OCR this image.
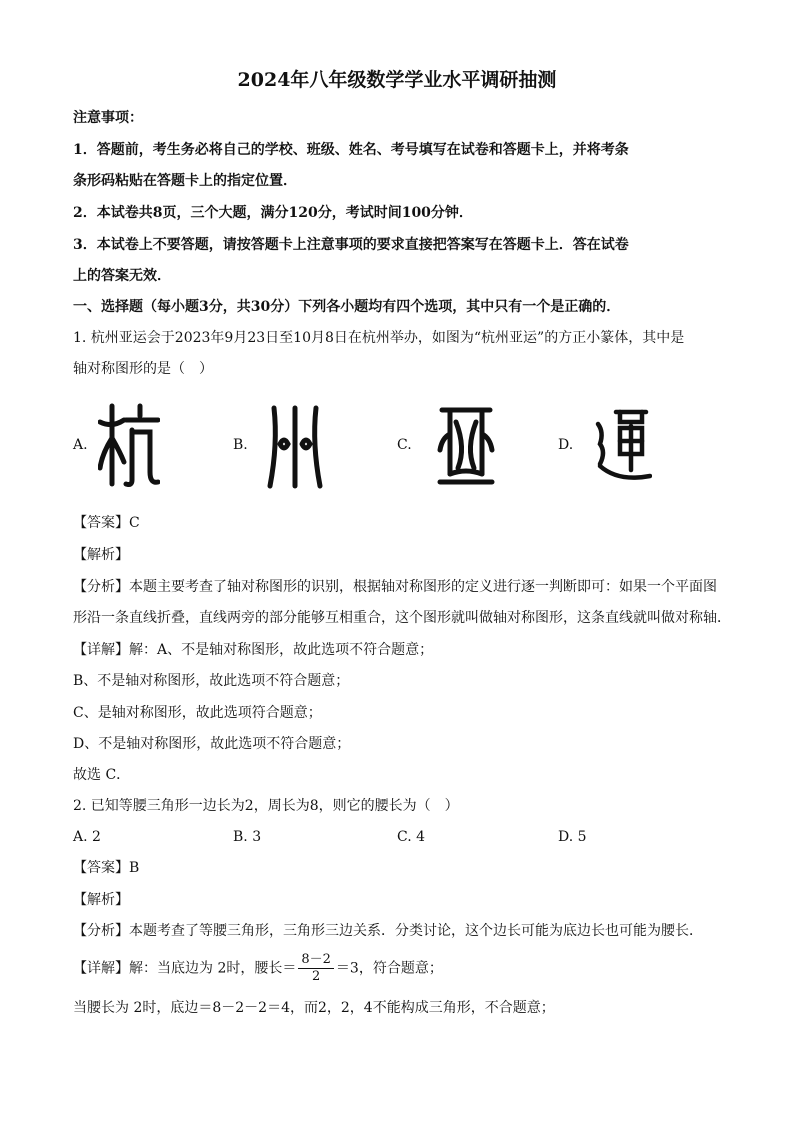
2024年八年级数学学业水平调研抽测
注意事项：
1．答题前，考生务必将自己的学校、班级、姓名、考号填写在试卷和答题卡上，并将考条
条形码粘贴在答题卡上的指定位置．
2．本试卷共8页，三个大题，满分120分，考试时间100分钟．
3．本试卷上不要答题，请按答题卡上注意事项的要求直接把答案写在答题卡上．答在试卷
上的答案无效．
一、选择题（每小题3分，共30分）下列各小题均有四个选项，其中只有一个是正确的．
1. 杭州亚运会于2023年9月23日至10月8日在杭州举办，如图为“杭州亚运”的方正小篆体，其中是
轴对称图形的是（　）
A.	B.	C.	D.
【答案】C
【解析】
【分析】本题主要考查了轴对称图形的识别，根据轴对称图形的定义进行逐一判断即可：如果一个平面图
形沿一条直线折叠，直线两旁的部分能够互相重合，这个图形就叫做轴对称图形，这条直线就叫做对称轴．
【详解】解：A、不是轴对称图形，故此选项不符合题意；
B、不是轴对称图形，故此选项不符合题意；
C、是轴对称图形，故此选项符合题意；
D、不是轴对称图形，故此选项不符合题意；
故选 C．
2. 已知等腰三角形一边长为2，周长为8，则它的腰长为（　）
A. 2	B. 3	C. 4	D. 5
【答案】B
【解析】
【分析】本题考查了等腰三角形，三角形三边关系．分类讨论，这个边长可能为底边长也可能为腰长．
【详解】解：当底边为 2时，腰长＝ $\frac{8-2}{2} =3$，符合题意；
当腰长为 2时，底边＝8－2－2＝4，而2，2，4不能构成三角形，不合题意；
